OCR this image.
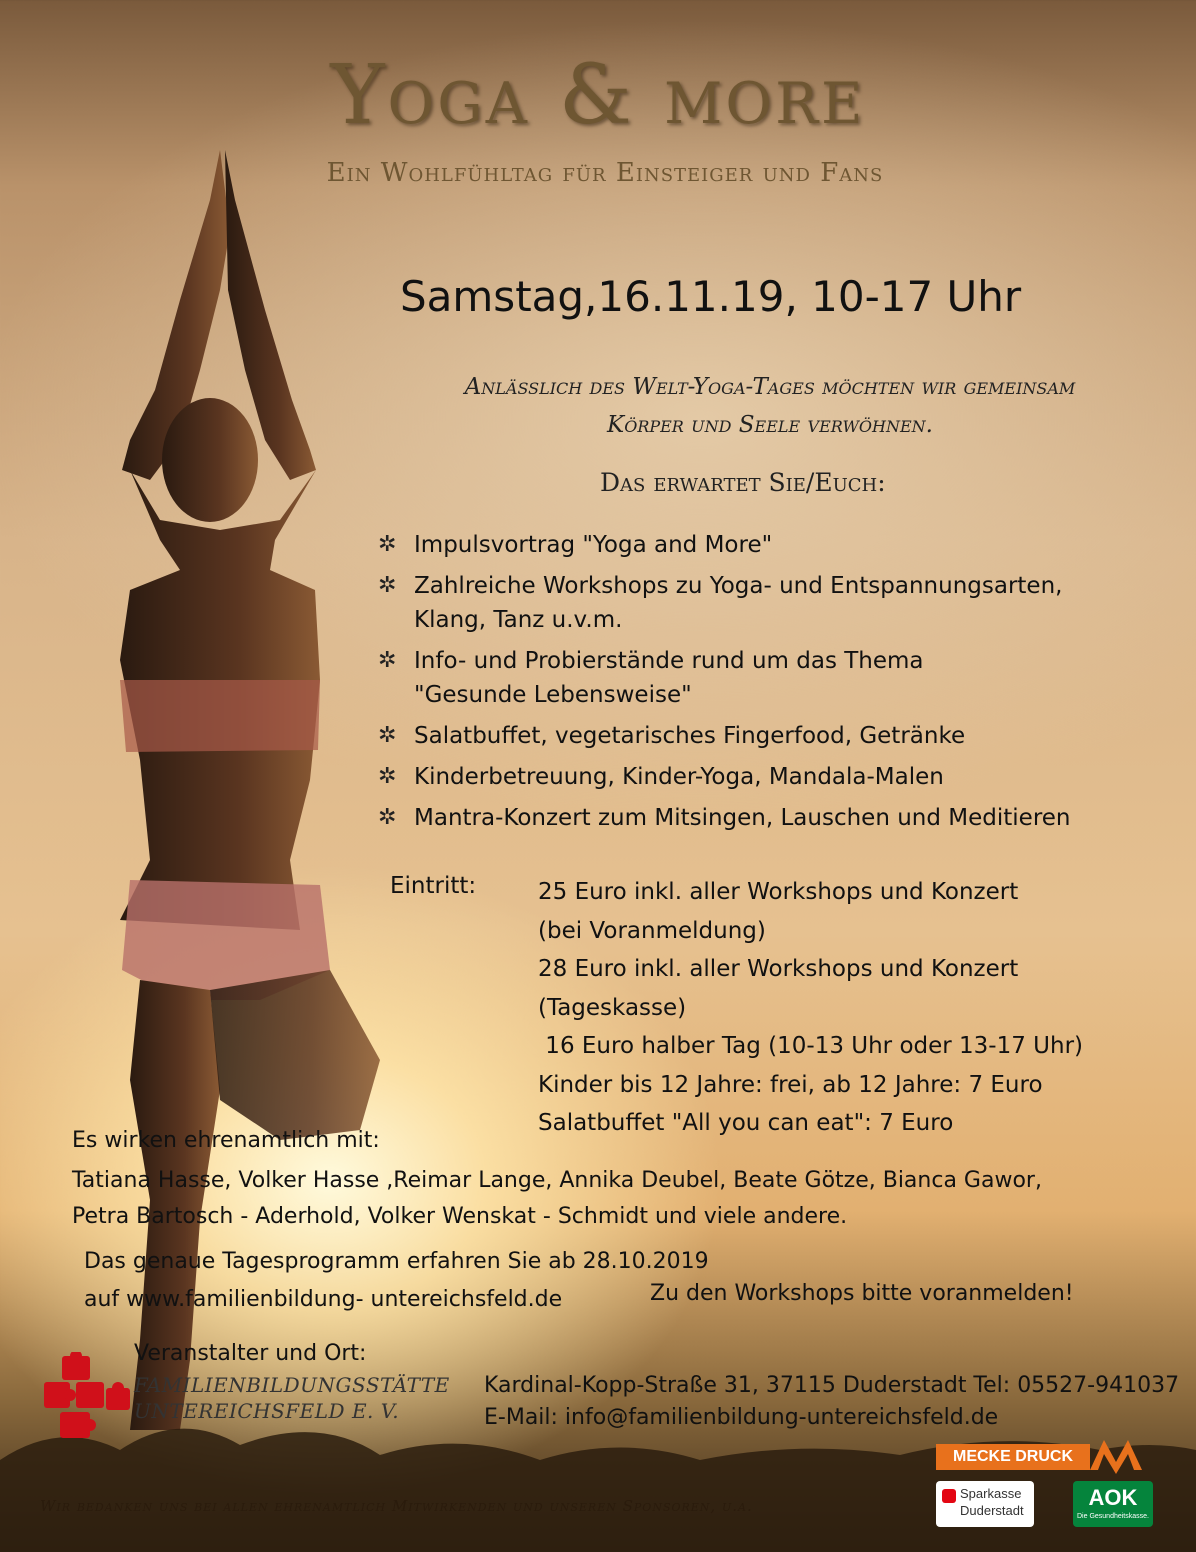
Yoga & more
Ein Wohlfühltag für Einsteiger und Fans
Samstag,16.11.19, 10-17 Uhr
Anlässlich des Welt-Yoga-Tages möchten wir gemeinsam
Körper und Seele verwöhnen.
Das erwartet Sie/Euch:
✲ Impulsvortrag "Yoga and More"
✲ Zahlreiche Workshops zu Yoga- und Entspannungsarten,
Klang, Tanz u.v.m.
✲ Info- und Probierstände rund um das Thema
"Gesunde Lebensweise"
✲ Salatbuffet, vegetarisches Fingerfood, Getränke
✲ Kinderbetreuung, Kinder-Yoga, Mandala-Malen
✲ Mantra-Konzert zum Mitsingen, Lauschen und Meditieren
Eintritt:	25 Euro inkl. aller Workshops und Konzert
(bei Voranmeldung)
28 Euro inkl. aller Workshops und Konzert
(Tageskasse)
16 Euro halber Tag (10-13 Uhr oder 13-17 Uhr)
Kinder bis 12 Jahre: frei, ab 12 Jahre: 7 Euro
Salatbuffet "All you can eat": 7 Euro
Es wirken ehrenamtlich mit:
Tatiana Hasse, Volker Hasse ,Reimar Lange, Annika Deubel, Beate Götze, Bianca Gawor,
Petra Bartosch - Aderhold, Volker Wenskat - Schmidt und viele andere.
Das genaue Tagesprogramm erfahren Sie ab 28.10.2019
auf www.familienbildung- untereichsfeld.de	Zu den Workshops bitte voranmelden!
Veranstalter und Ort:
FAMILIENBILDUNGSSTÄTTE
UNTEREICHSFELD E. V.
Kardinal-Kopp-Straße 31, 37115 Duderstadt Tel: 05527-941037
E-Mail: info@familienbildung-untereichsfeld.de
Wir bedanken uns bei allen ehrenamtlich Mitwirkenden und unseren Sponsoren, u.a.
MECKE DRUCK
Sparkasse
Duderstadt
AOK
Die Gesundheitskasse.
